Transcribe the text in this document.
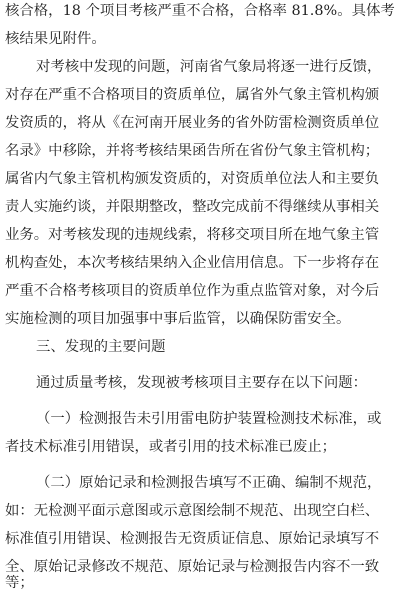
核合格，18 个项目考核严重不合格，合格率 81.8%。具体考
核结果见附件。
对考核中发现的问题，河南省气象局将逐一进行反馈，
对存在严重不合格项目的资质单位，属省外气象主管机构颁
发资质的，将从《在河南开展业务的省外防雷检测资质单位
名录》中移除，并将考核结果函告所在省份气象主管机构；
属省内气象主管机构颁发资质的，对资质单位法人和主要负
责人实施约谈，并限期整改，整改完成前不得继续从事相关
业务。对考核发现的违规线索，将移交项目所在地气象主管
机构查处，本次考核结果纳入企业信用信息。下一步将存在
严重不合格考核项目的资质单位作为重点监管对象，对今后
实施检测的项目加强事中事后监管，以确保防雷安全。
三、发现的主要问题
通过质量考核，发现被考核项目主要存在以下问题：
（一）检测报告未引用雷电防护装置检测技术标准，或
者技术标准引用错误，或者引用的技术标准已废止；
（二）原始记录和检测报告填写不正确、编制不规范，
如：无检测平面示意图或示意图绘制不规范、出现空白栏、
标准值引用错误、检测报告无资质证信息、原始记录填写不
全、原始记录修改不规范、原始记录与检测报告内容不一致
等；
